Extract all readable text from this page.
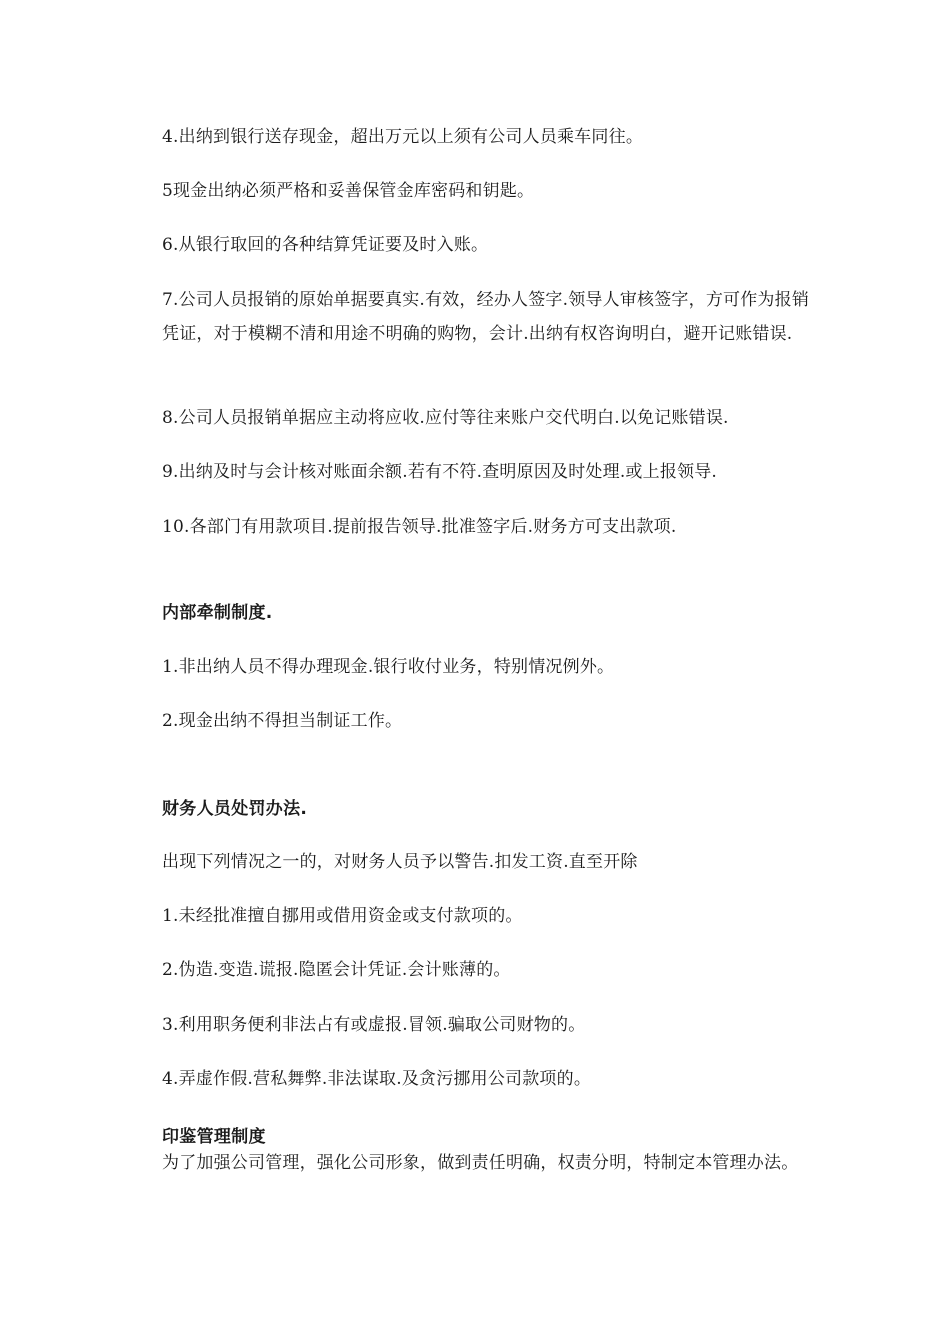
4.出纳到银行送存现金，超出万元以上须有公司人员乘车同往。

5现金出纳必须严格和妥善保管金库密码和钥匙。

6.从银行取回的各种结算凭证要及时入账。

7.公司人员报销的原始单据要真实.有效，经办人签字.领导人审核签字，方可作为报销凭证，对于模糊不清和用途不明确的购物，会计.出纳有权咨询明白，避开记账错误.

8.公司人员报销单据应主动将应收.应付等往来账户交代明白.以免记账错误.

9.出纳及时与会计核对账面余额.若有不符.查明原因及时处理.或上报领导.

10.各部门有用款项目.提前报告领导.批准签字后.财务方可支出款项.

内部牵制制度.

1.非出纳人员不得办理现金.银行收付业务，特别情况例外。

2.现金出纳不得担当制证工作。

财务人员处罚办法.

出现下列情况之一的，对财务人员予以警告.扣发工资.直至开除

1.未经批准擅自挪用或借用资金或支付款项的。

2.伪造.变造.谎报.隐匿会计凭证.会计账薄的。

3.利用职务便利非法占有或虚报.冒领.骗取公司财物的。

4.弄虚作假.营私舞弊.非法谋取.及贪污挪用公司款项的。

印鉴管理制度

为了加强公司管理，强化公司形象，做到责任明确，权责分明，特制定本管理办法。
